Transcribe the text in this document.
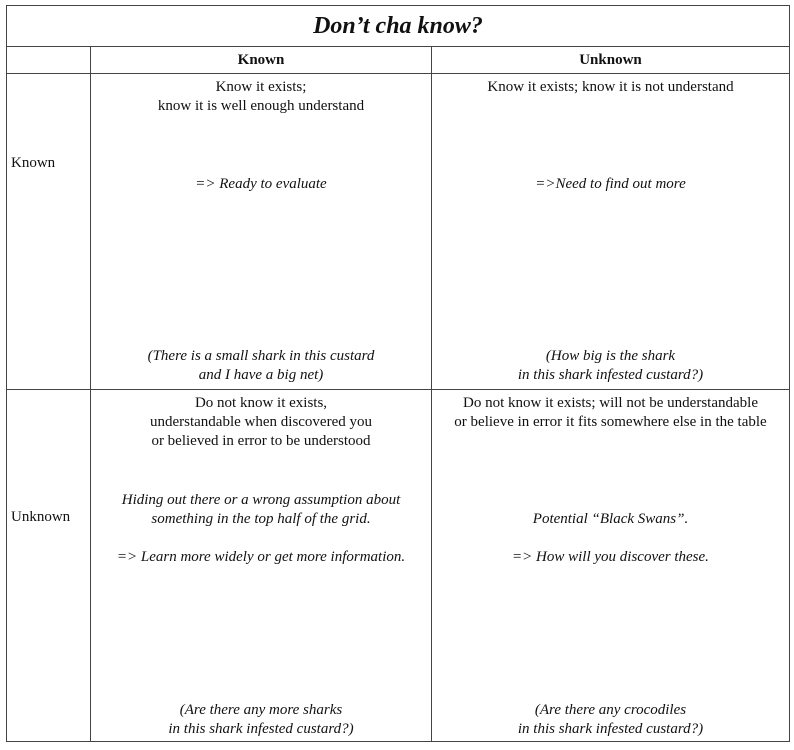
Don’t cha know?
Known	Unknown
Known
Unknown
Know it exists;
know it is well enough understand
=> Ready to evaluate
(There is a small shark in this custard
and I have a big net)
Know it exists; know it is not understand
=>Need to find out more
(How big is the shark
in this shark infested custard?)
Do not know it exists,
understandable when discovered you
or believed in error to be understood
Hiding out there or a wrong assumption about
something in the top half of the grid.
=> Learn more widely or get more information.
(Are there any more sharks
in this shark infested custard?)
Do not know it exists; will not be understandable
or believe in error it fits somewhere else in the table
Potential “Black Swans”.
=> How will you discover these.
(Are there any crocodiles
in this shark infested custard?)
